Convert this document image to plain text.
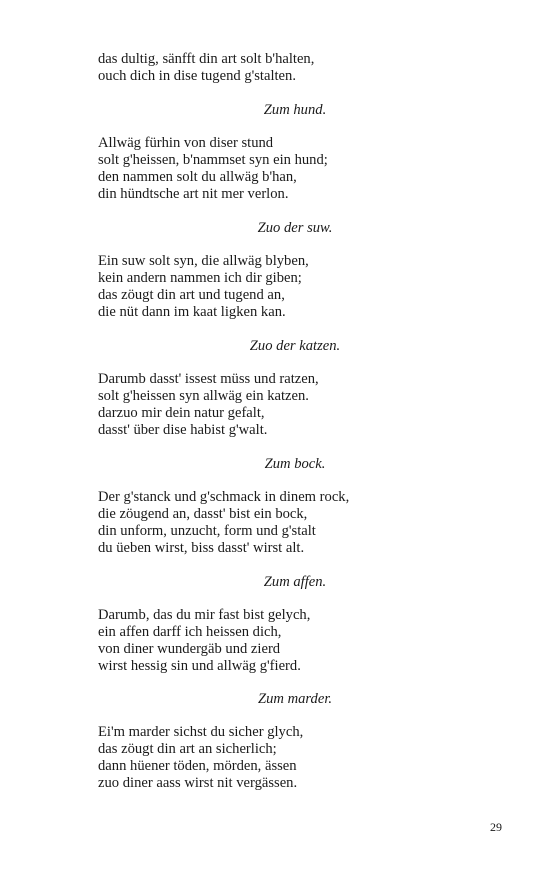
das dultig, sänfft din art solt b'halten,
ouch dich in dise tugend g'stalten.
Zum hund.
Allwäg fürhin von diser stund
solt g'heissen, b'nammset syn ein hund;
den nammen solt du allwäg b'han,
din hündtsche art nit mer verlon.
Zuo der suw.
Ein suw solt syn, die allwäg blyben,
kein andern nammen ich dir giben;
das zöugt din art und tugend an,
die nüt dann im kaat ligken kan.
Zuo der katzen.
Darumb dasst' issest müss und ratzen,
solt g'heissen syn allwäg ein katzen.
darzuo mir dein natur gefalt,
dasst' über dise habist g'walt.
Zum bock.
Der g'stanck und g'schmack in dinem rock,
die zöugend an, dasst' bist ein bock,
din unform, unzucht, form und g'stalt
du üeben wirst, biss dasst' wirst alt.
Zum affen.
Darumb, das du mir fast bist gelych,
ein affen darff ich heissen dich,
von diner wundergäb und zierd
wirst hessig sin und allwäg g'fierd.
Zum marder.
Ei'm marder sichst du sicher glych,
das zöugt din art an sicherlich;
dann hüener töden, mörden, ässen
zuo diner aass wirst nit vergässen.
29
